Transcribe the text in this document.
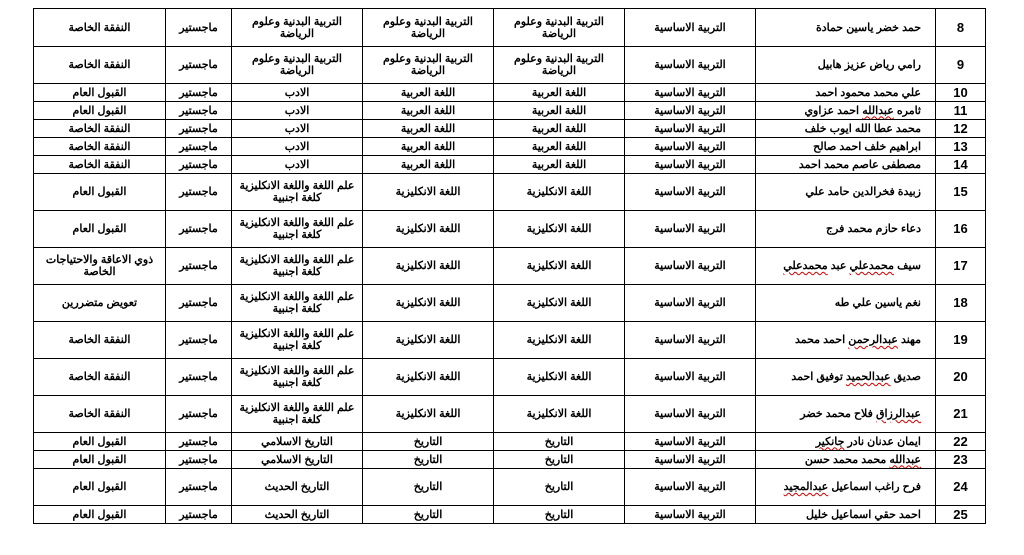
8	حمد خضر ياسين حمادة	التربية الاساسية	التربية البدنية وعلوم الرياضة	التربية البدنية وعلوم الرياضة	التربية البدنية وعلوم الرياضة	ماجستير	النفقة الخاصة
9	رامي رياض عزيز هابيل	التربية الاساسية	التربية البدنية وعلوم الرياضة	التربية البدنية وعلوم الرياضة	التربية البدنية وعلوم الرياضة	ماجستير	النفقة الخاصة
10	علي محمد محمود احمد	التربية الاساسية	اللغة العربية	اللغة العربية	الادب	ماجستير	القبول العام
11	ثامره عبدالله احمد عزاوي	التربية الاساسية	اللغة العربية	اللغة العربية	الادب	ماجستير	القبول العام
12	محمد عطا الله ايوب خلف	التربية الاساسية	اللغة العربية	اللغة العربية	الادب	ماجستير	النفقة الخاصة
13	ابراهيم خلف احمد صالح	التربية الاساسية	اللغة العربية	اللغة العربية	الادب	ماجستير	النفقة الخاصة
14	مصطفى عاصم محمد احمد	التربية الاساسية	اللغة العربية	اللغة العربية	الادب	ماجستير	النفقة الخاصة
15	زبيدة فخرالدين حامد علي	التربية الاساسية	اللغة الانكليزية	اللغة الانكليزية	علم اللغة واللغة الانكليزية كلغة اجنبية	ماجستير	القبول العام
16	دعاء حازم محمد فرج	التربية الاساسية	اللغة الانكليزية	اللغة الانكليزية	علم اللغة واللغة الانكليزية كلغة اجنبية	ماجستير	القبول العام
17	سيف محمدعلي عبد محمدعلي	التربية الاساسية	اللغة الانكليزية	اللغة الانكليزية	علم اللغة واللغة الانكليزية كلغة اجنبية	ماجستير	ذوي الاعاقة والاحتياجات الخاصة
18	نغم ياسين علي طه	التربية الاساسية	اللغة الانكليزية	اللغة الانكليزية	علم اللغة واللغة الانكليزية كلغة اجنبية	ماجستير	تعويض متضررين
19	مهند عبدالرحمن احمد محمد	التربية الاساسية	اللغة الانكليزية	اللغة الانكليزية	علم اللغة واللغة الانكليزية كلغة اجنبية	ماجستير	النفقة الخاصة
20	صديق عبدالحميد توفيق احمد	التربية الاساسية	اللغة الانكليزية	اللغة الانكليزية	علم اللغة واللغة الانكليزية كلغة اجنبية	ماجستير	النفقة الخاصة
21	عبدالرزاق فلاح محمد خضر	التربية الاساسية	اللغة الانكليزية	اللغة الانكليزية	علم اللغة واللغة الانكليزية كلغة اجنبية	ماجستير	النفقة الخاصة
22	ايمان عدنان نادر جانكير	التربية الاساسية	التاريخ	التاريخ	التاريخ الاسلامي	ماجستير	القبول العام
23	عبدالله محمد محمد حسن	التربية الاساسية	التاريخ	التاريخ	التاريخ الاسلامي	ماجستير	القبول العام
24	فرح راغب اسماعيل عبدالمجيد	التربية الاساسية	التاريخ	التاريخ	التاريخ الحديث	ماجستير	القبول العام
25	احمد حقي اسماعيل خليل	التربية الاساسية	التاريخ	التاريخ	التاريخ الحديث	ماجستير	القبول العام
